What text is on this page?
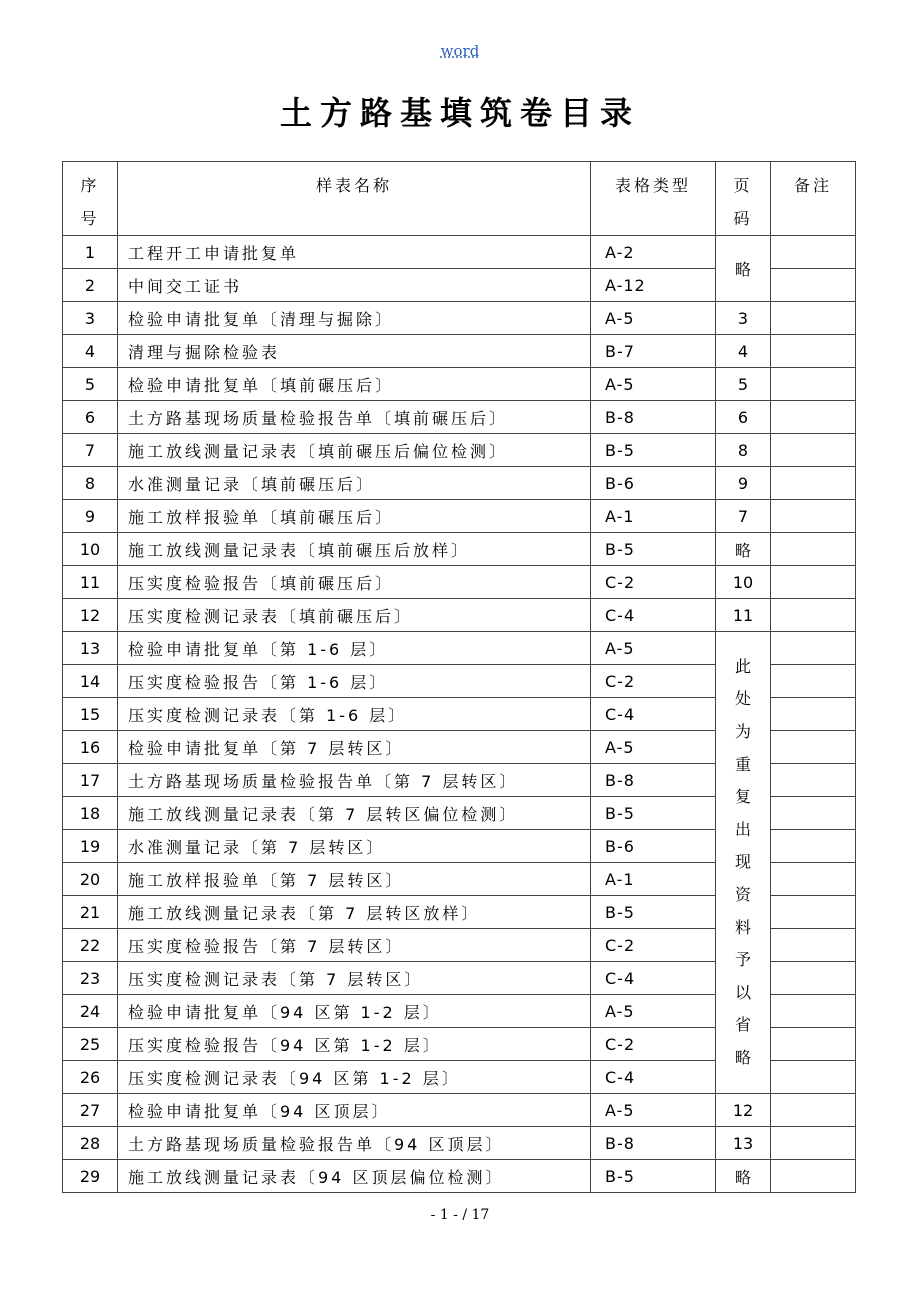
word
土方路基填筑卷目录
序号	样表名称	表格类型	页码	备注
1	工程开工申请批复单	A-2	略	
2	中间交工证书	A-12		
3	检验申请批复单〔清理与掘除〕	A-5	3	
4	清理与掘除检验表	B-7	4	
5	检验申请批复单〔填前碾压后〕	A-5	5	
6	土方路基现场质量检验报告单〔填前碾压后〕	B-8	6	
7	施工放线测量记录表〔填前碾压后偏位检测〕	B-5	8	
8	水准测量记录〔填前碾压后〕	B-6	9	
9	施工放样报验单〔填前碾压后〕	A-1	7	
10	施工放线测量记录表〔填前碾压后放样〕	B-5	略	
11	压实度检验报告〔填前碾压后〕	C-2	10	
12	压实度检测记录表〔填前碾压后〕	C-4	11	
13	检验申请批复单〔第 1-6 层〕	A-5	此处为重复出现资料予以省略	
14	压实度检验报告〔第 1-6 层〕	C-2		
15	压实度检测记录表〔第 1-6 层〕	C-4		
16	检验申请批复单〔第 7 层转区〕	A-5		
17	土方路基现场质量检验报告单〔第 7 层转区〕	B-8		
18	施工放线测量记录表〔第 7 层转区偏位检测〕	B-5		
19	水准测量记录〔第 7 层转区〕	B-6		
20	施工放样报验单〔第 7 层转区〕	A-1		
21	施工放线测量记录表〔第 7 层转区放样〕	B-5		
22	压实度检验报告〔第 7 层转区〕	C-2		
23	压实度检测记录表〔第 7 层转区〕	C-4		
24	检验申请批复单〔94 区第 1-2 层〕	A-5		
25	压实度检验报告〔94 区第 1-2 层〕	C-2		
26	压实度检测记录表〔94 区第 1-2 层〕	C-4		
27	检验申请批复单〔94 区顶层〕	A-5	12	
28	土方路基现场质量检验报告单〔94 区顶层〕	B-8	13	
29	施工放线测量记录表〔94 区顶层偏位检测〕	B-5	略	
- 1 - / 17
